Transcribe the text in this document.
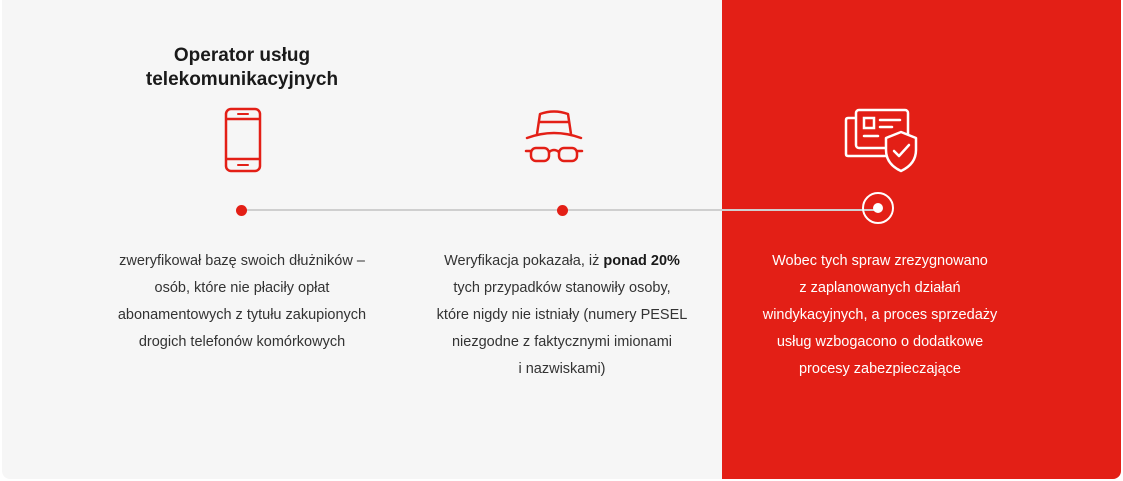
Operator usług
telekomunikacyjnych
zweryfikował bazę swoich dłużników –
osób, które nie płaciły opłat
abonamentowych z tytułu zakupionych
drogich telefonów komórkowych
Weryfikacja pokazała, iż ponad 20%
tych przypadków stanowiły osoby,
które nigdy nie istniały (numery PESEL
niezgodne z faktycznymi imionami
i nazwiskami)
Wobec tych spraw zrezygnowano
z zaplanowanych działań
windykacyjnych, a proces sprzedaży
usług wzbogacono o dodatkowe
procesy zabezpieczające
